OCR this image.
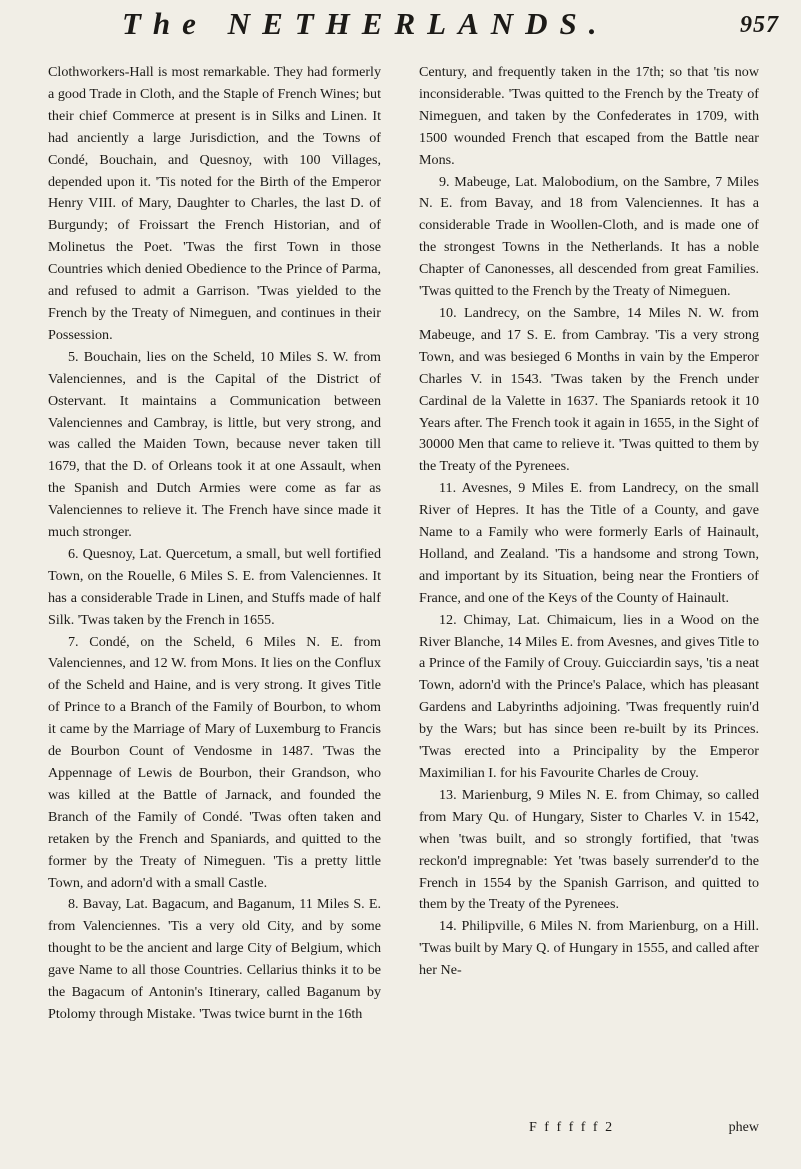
The NETHERLANDS.	957

Clothworkers-Hall is most remarkable. They had formerly a good Trade in Cloth, and the Staple of French Wines; but their chief Commerce at present is in Silks and Linen. It had anciently a large Jurisdiction, and the Towns of Condé, Bouchain, and Quesnoy, with 100 Villages, depended upon it. 'Tis noted for the Birth of the Emperor Henry VIII. of Mary, Daughter to Charles, the last D. of Burgundy; of Froissart the French Historian, and of Molinetus the Poet. 'Twas the first Town in those Countries which denied Obedience to the Prince of Parma, and refused to admit a Garrison. 'Twas yielded to the French by the Treaty of Nimeguen, and continues in their Possession.

5. Bouchain, lies on the Scheld, 10 Miles S. W. from Valenciennes, and is the Capital of the District of Ostervant. It maintains a Communication between Valenciennes and Cambray, is little, but very strong, and was called the Maiden Town, because never taken till 1679, that the D. of Orleans took it at one Assault, when the Spanish and Dutch Armies were come as far as Valenciennes to relieve it. The French have since made it much stronger.

6. Quesnoy, Lat. Quercetum, a small, but well fortified Town, on the Rouelle, 6 Miles S. E. from Valenciennes. It has a considerable Trade in Linen, and Stuffs made of half Silk. 'Twas taken by the French in 1655.

7. Condé, on the Scheld, 6 Miles N. E. from Valenciennes, and 12 W. from Mons. It lies on the Conflux of the Scheld and Haine, and is very strong. It gives Title of Prince to a Branch of the Family of Bourbon, to whom it came by the Marriage of Mary of Luxemburg to Francis de Bourbon Count of Vendosme in 1487. 'Twas the Appennage of Lewis de Bourbon, their Grandson, who was killed at the Battle of Jarnack, and founded the Branch of the Family of Condé. 'Twas often taken and retaken by the French and Spaniards, and quitted to the former by the Treaty of Nimeguen. 'Tis a pretty little Town, and adorn'd with a small Castle.

8. Bavay, Lat. Bagacum, and Baganum, 11 Miles S. E. from Valenciennes. 'Tis a very old City, and by some thought to be the ancient and large City of Belgium, which gave Name to all those Countries. Cellarius thinks it to be the Bagacum of Antonin's Itinerary, called Baganum by Ptolomy through Mistake. 'Twas twice burnt in the 16th

Century, and frequently taken in the 17th; so that 'tis now inconsiderable. 'Twas quitted to the French by the Treaty of Nimeguen, and taken by the Confederates in 1709, with 1500 wounded French that escaped from the Battle near Mons.

9. Mabeuge, Lat. Malobodium, on the Sambre, 7 Miles N. E. from Bavay, and 18 from Valenciennes. It has a considerable Trade in Woollen-Cloth, and is made one of the strongest Towns in the Netherlands. It has a noble Chapter of Canonesses, all descended from great Families. 'Twas quitted to the French by the Treaty of Nimeguen.

10. Landrecy, on the Sambre, 14 Miles N. W. from Mabeuge, and 17 S. E. from Cambray. 'Tis a very strong Town, and was besieged 6 Months in vain by the Emperor Charles V. in 1543. 'Twas taken by the French under Cardinal de la Valette in 1637. The Spaniards retook it 10 Years after. The French took it again in 1655, in the Sight of 30000 Men that came to relieve it. 'Twas quitted to them by the Treaty of the Pyrenees.

11. Avesnes, 9 Miles E. from Landrecy, on the small River of Hepres. It has the Title of a County, and gave Name to a Family who were formerly Earls of Hainault, Holland, and Zealand. 'Tis a handsome and strong Town, and important by its Situation, being near the Frontiers of France, and one of the Keys of the County of Hainault.

12. Chimay, Lat. Chimaicum, lies in a Wood on the River Blanche, 14 Miles E. from Avesnes, and gives Title to a Prince of the Family of Crouy. Guicciardin says, 'tis a neat Town, adorn'd with the Prince's Palace, which has pleasant Gardens and Labyrinths adjoining. 'Twas frequently ruin'd by the Wars; but has since been re-built by its Princes. 'Twas erected into a Principality by the Emperor Maximilian I. for his Favourite Charles de Crouy.

13. Marienburg, 9 Miles N. E. from Chimay, so called from Mary Qu. of Hungary, Sister to Charles V. in 1542, when 'twas built, and so strongly fortified, that 'twas reckon'd impregnable: Yet 'twas basely surrender'd to the French in 1554 by the Spanish Garrison, and quitted to them by the Treaty of the Pyrenees.

14. Philipville, 6 Miles N. from Marienburg, on a Hill. 'Twas built by Mary Q. of Hungary in 1555, and called after her Ne-

F f f f f f 2	phew
